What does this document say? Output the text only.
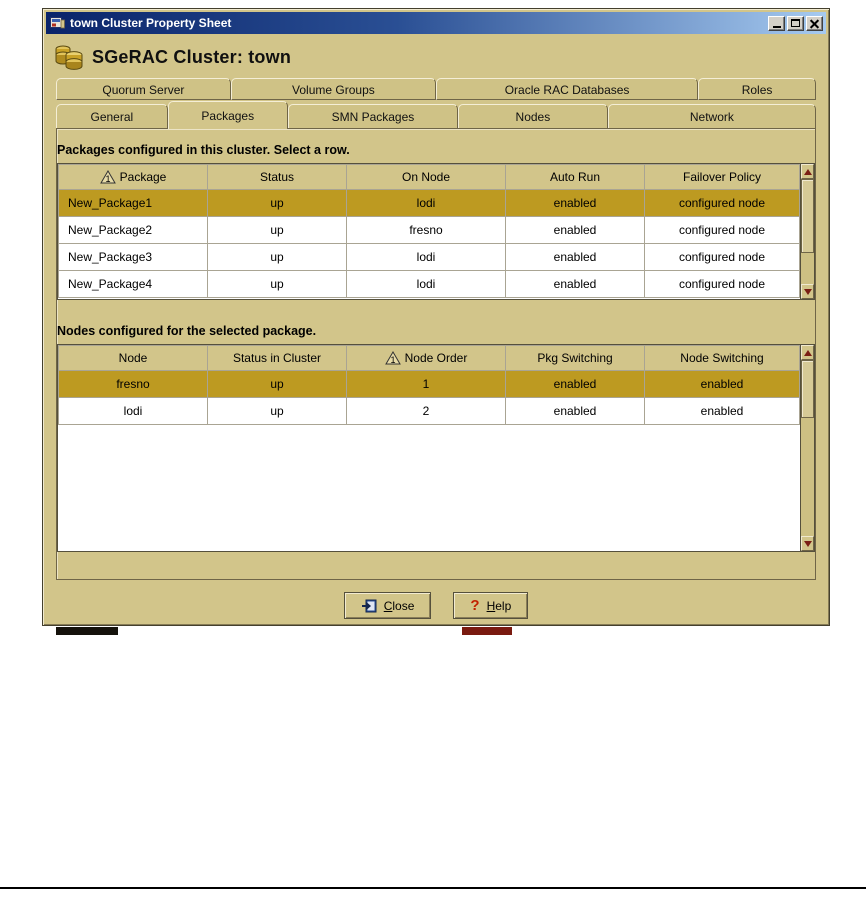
town Cluster Property Sheet
SGeRAC Cluster: town
Quorum Server	Volume Groups	Oracle RAC Databases	Roles
General	Packages	SMN Packages	Nodes	Network
Packages configured in this cluster. Select a row.
1 Package	Status	On Node	Auto Run	Failover Policy
New_Package1	up	lodi	enabled	configured node
New_Package2	up	fresno	enabled	configured node
New_Package3	up	lodi	enabled	configured node
New_Package4	up	lodi	enabled	configured node
Nodes configured for the selected package.
Node	Status in Cluster	1 Node Order	Pkg Switching	Node Switching
fresno	up	1	enabled	enabled
lodi	up	2	enabled	enabled
Close	? Help
